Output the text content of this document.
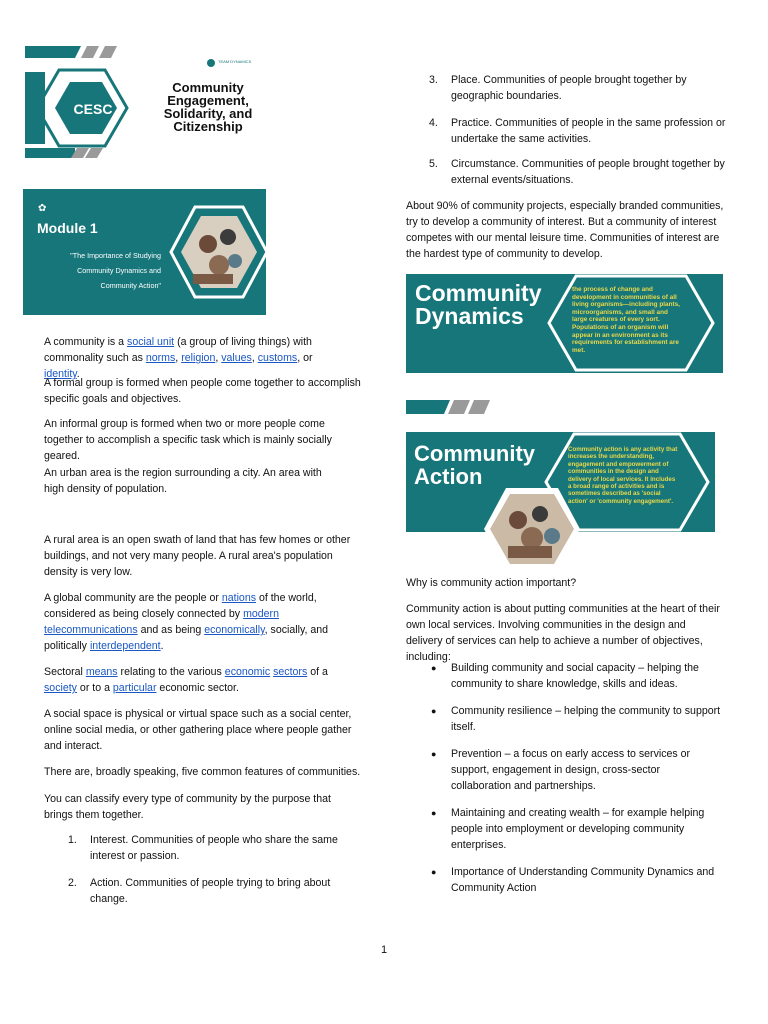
CESC
TEAM DYNAMICS
Community
Engagement,
Solidarity, and
Citizenship
✿
Module 1
"The Importance of Studying
Community Dynamics and
Community Action"

A community is a social unit (a group of living things) with commonality such as norms, religion, values, customs, or identity.

A formal group is formed when people come together to accomplish specific goals and objectives.

An informal group is formed when two or more people come together to accomplish a specific task which is mainly socially geared.

An urban area is the region surrounding a city. An area with high density of population.

A rural area is an open swath of land that has few homes or other buildings, and not very many people. A rural area's population density is very low.

A global community are the people or nations of the world, considered as being closely connected by modern telecommunications and as being economically, socially, and politically interdependent.

Sectoral means relating to the various economic sectors of a society or to a particular economic sector.

A social space is physical or virtual space such as a social center, online social media, or other gathering place where people gather and interact.

There are, broadly speaking, five common features of communities.

You can classify every type of community by the purpose that brings them together.

1. Interest. Communities of people who share the same interest or passion.
2. Action. Communities of people trying to bring about change.
3. Place. Communities of people brought together by geographic boundaries.
4. Practice. Communities of people in the same profession or undertake the same activities.
5. Circumstance. Communities of people brought together by external events/situations.

About 90% of community projects, especially branded communities, try to develop a community of interest. But a community of interest competes with our mental leisure time. Communities of interest are the hardest type of community to develop.

Community
Dynamics
the process of change and development in communities of all living organisms—including plants, microorganisms, and small and large creatures of every sort. Populations of an organism will appear in an environment as its requirements for establishment are met.
Community
Action
Community action is any activity that increases the understanding, engagement and empowerment of communities in the design and delivery of local services. It includes a broad range of activities and is sometimes described as 'social action' or 'community engagement'.

Why is community action important?

Community action is about putting communities at the heart of their own local services. Involving communities in the design and delivery of services can help to achieve a number of objectives, including:

● Building community and social capacity – helping the community to share knowledge, skills and ideas.
● Community resilience – helping the community to support itself.
● Prevention – a focus on early access to services or support, engagement in design, cross-sector collaboration and partnerships.
● Maintaining and creating wealth – for example helping people into employment or developing community enterprises.
● Importance of Understanding Community Dynamics and Community Action
1
